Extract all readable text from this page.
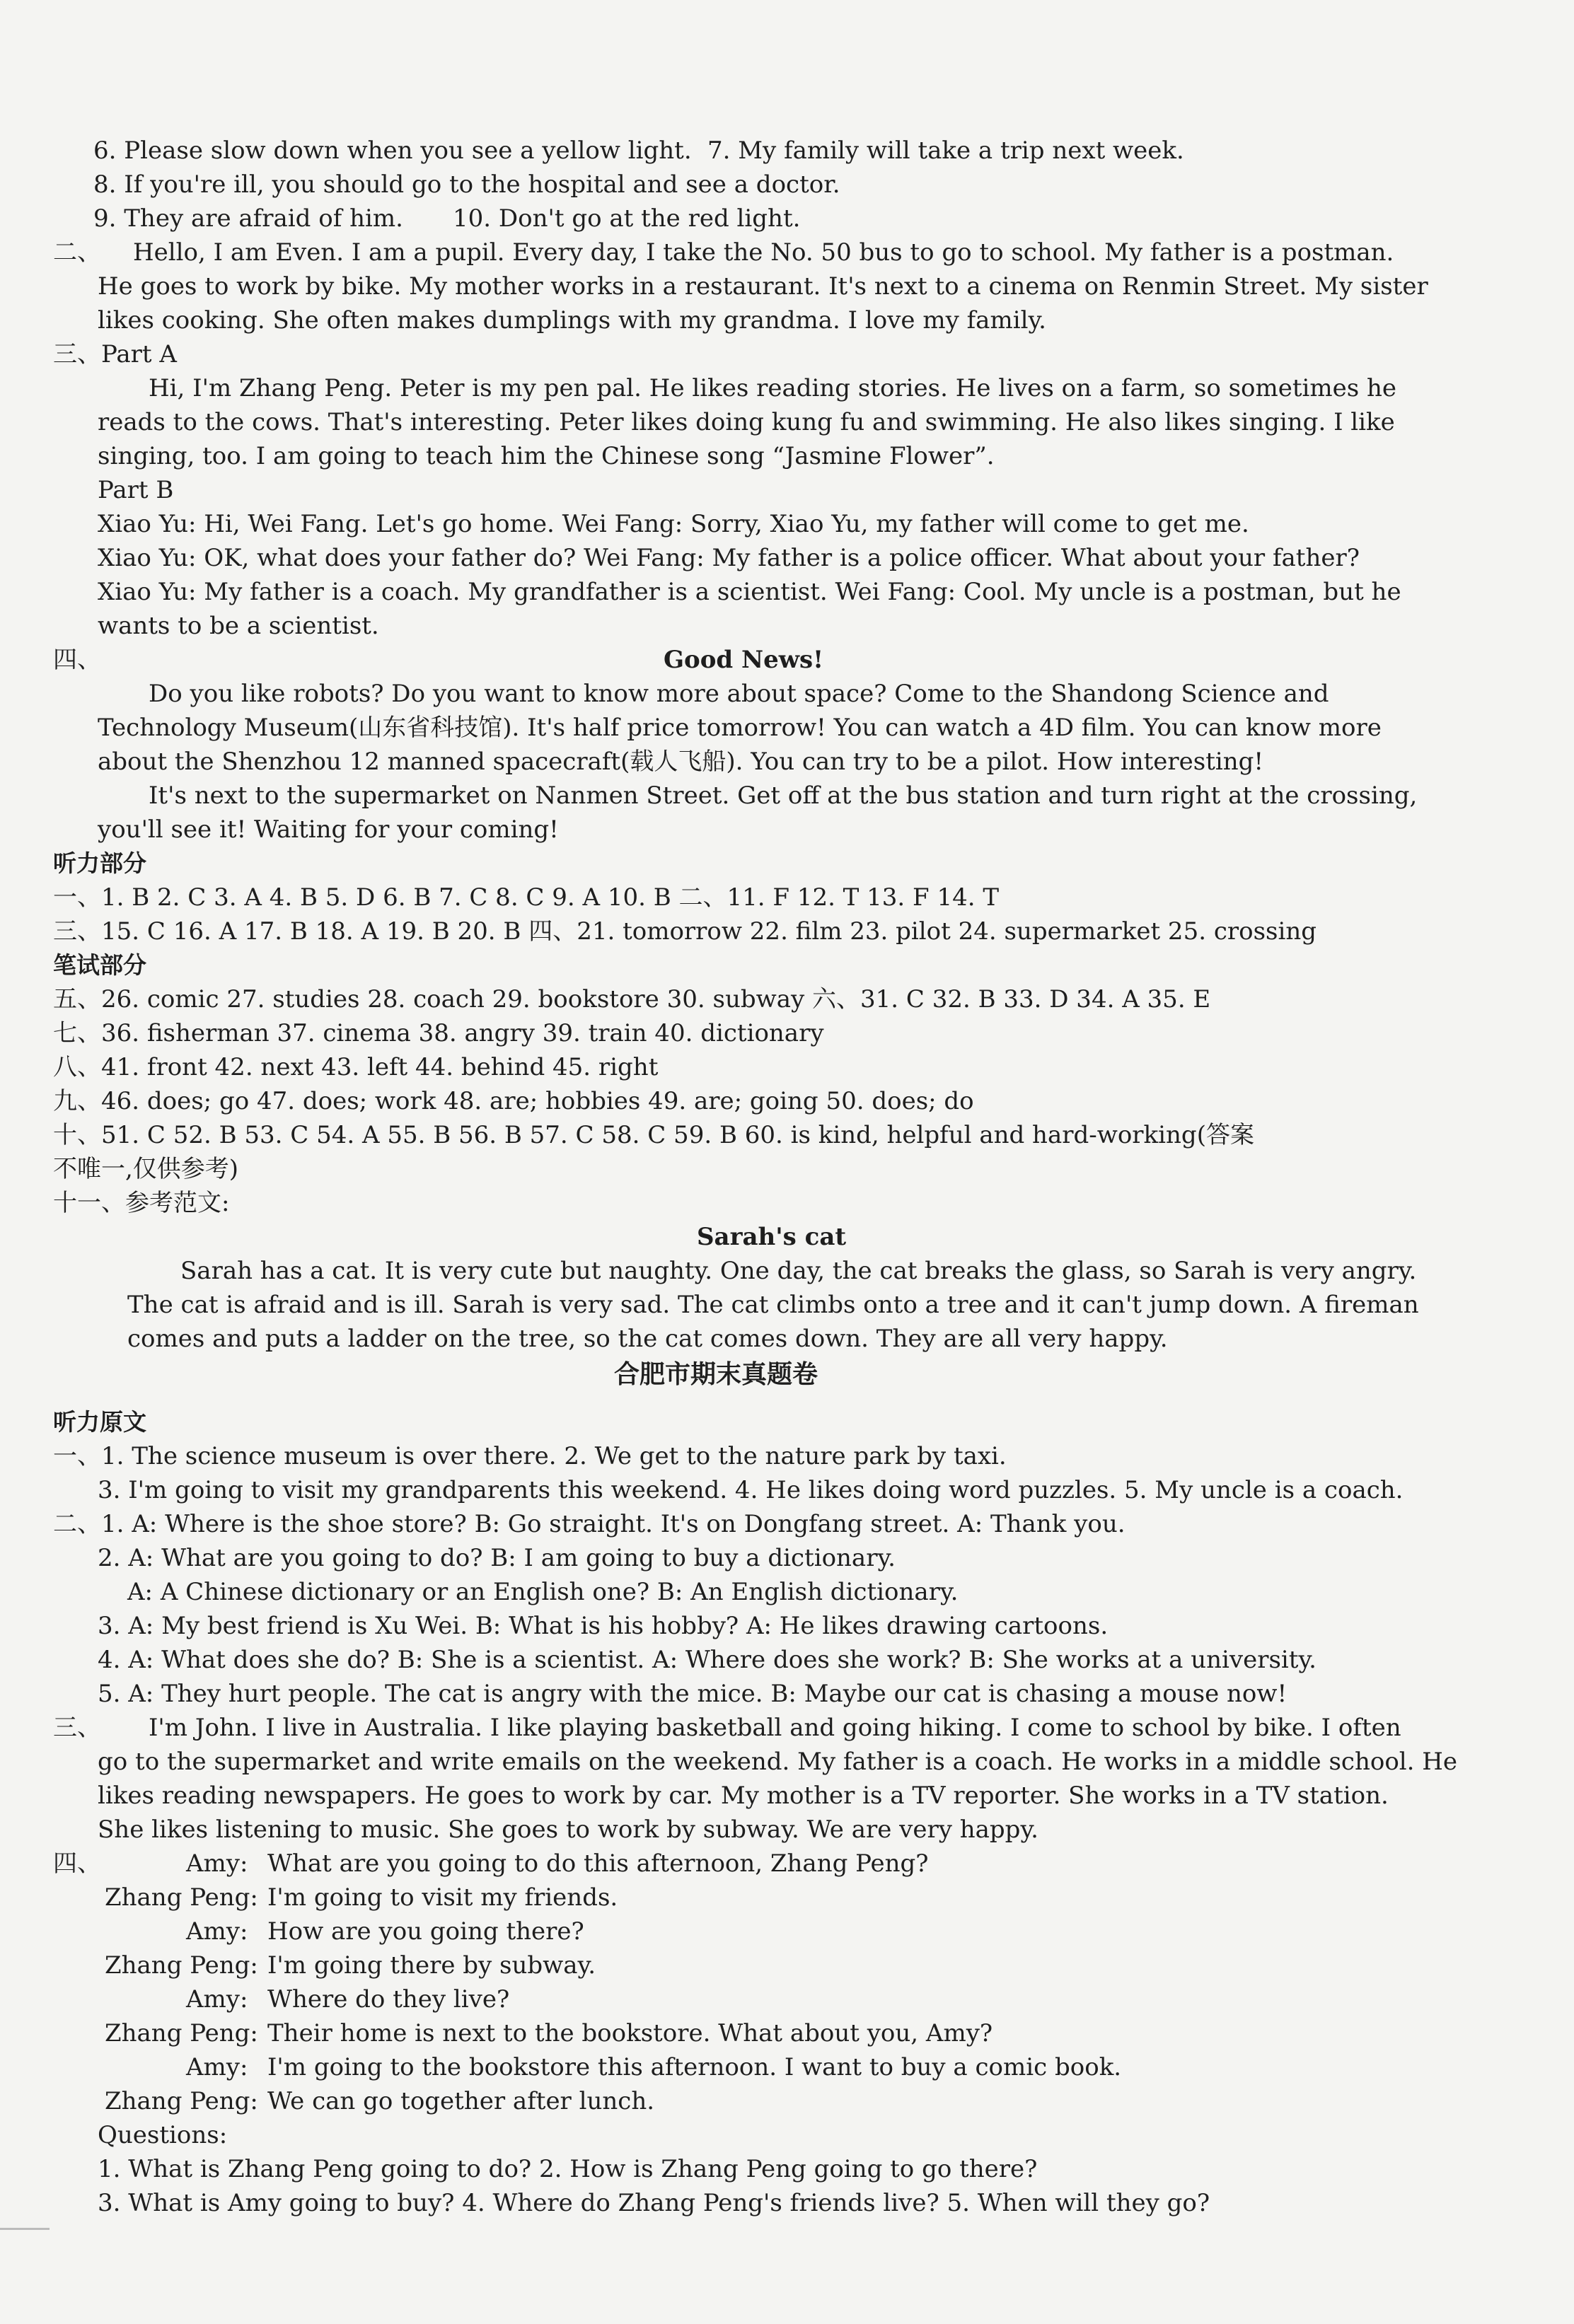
6. Please slow down when you see a yellow light. 7. My family will take a trip next week.
8. If you're ill, you should go to the hospital and see a doctor.
9. They are afraid of him. 10. Don't go at the red light.
二、 Hello, I am Even. I am a pupil. Every day, I take the No. 50 bus to go to school. My father is a postman.
He goes to work by bike. My mother works in a restaurant. It's next to a cinema on Renmin Street. My sister
likes cooking. She often makes dumplings with my grandma. I love my family.
三、Part A
Hi, I'm Zhang Peng. Peter is my pen pal. He likes reading stories. He lives on a farm, so sometimes he
reads to the cows. That's interesting. Peter likes doing kung fu and swimming. He also likes singing. I like
singing, too. I am going to teach him the Chinese song “Jasmine Flower”.
Part B
Xiao Yu: Hi, Wei Fang. Let's go home. Wei Fang: Sorry, Xiao Yu, my father will come to get me.
Xiao Yu: OK, what does your father do? Wei Fang: My father is a police officer. What about your father?
Xiao Yu: My father is a coach. My grandfather is a scientist. Wei Fang: Cool. My uncle is a postman, but he
wants to be a scientist.
四、	Good News!
Do you like robots? Do you want to know more about space? Come to the Shandong Science and
Technology Museum(山东省科技馆). It's half price tomorrow! You can watch a 4D film. You can know more
about the Shenzhou 12 manned spacecraft(载人飞船). You can try to be a pilot. How interesting!
It's next to the supermarket on Nanmen Street. Get off at the bus station and turn right at the crossing,
you'll see it! Waiting for your coming!
听力部分
一、1. B 2. C 3. A 4. B 5. D 6. B 7. C 8. C 9. A 10. B 二、11. F 12. T 13. F 14. T
三、15. C 16. A 17. B 18. A 19. B 20. B 四、21. tomorrow 22. film 23. pilot 24. supermarket 25. crossing
笔试部分
五、26. comic 27. studies 28. coach 29. bookstore 30. subway 六、31. C 32. B 33. D 34. A 35. E
七、36. fisherman 37. cinema 38. angry 39. train 40. dictionary
八、41. front 42. next 43. left 44. behind 45. right
九、46. does; go 47. does; work 48. are; hobbies 49. are; going 50. does; do
十、51. C 52. B 53. C 54. A 55. B 56. B 57. C 58. C 59. B 60. is kind, helpful and hard-working(答案
不唯一,仅供参考)
十一、参考范文:
Sarah's cat
Sarah has a cat. It is very cute but naughty. One day, the cat breaks the glass, so Sarah is very angry.
The cat is afraid and is ill. Sarah is very sad. The cat climbs onto a tree and it can't jump down. A fireman
comes and puts a ladder on the tree, so the cat comes down. They are all very happy.
合肥市期末真题卷
听力原文
一、1. The science museum is over there. 2. We get to the nature park by taxi.
3. I'm going to visit my grandparents this weekend. 4. He likes doing word puzzles. 5. My uncle is a coach.
二、1. A: Where is the shoe store? B: Go straight. It's on Dongfang street. A: Thank you.
2. A: What are you going to do? B: I am going to buy a dictionary.
A: A Chinese dictionary or an English one? B: An English dictionary.
3. A: My best friend is Xu Wei. B: What is his hobby? A: He likes drawing cartoons.
4. A: What does she do? B: She is a scientist. A: Where does she work? B: She works at a university.
5. A: They hurt people. The cat is angry with the mice. B: Maybe our cat is chasing a mouse now!
三、 I'm John. I live in Australia. I like playing basketball and going hiking. I come to school by bike. I often
go to the supermarket and write emails on the weekend. My father is a coach. He works in a middle school. He
likes reading newspapers. He goes to work by car. My mother is a TV reporter. She works in a TV station.
She likes listening to music. She goes to work by subway. We are very happy.
四、	Amy: What are you going to do this afternoon, Zhang Peng?
Zhang Peng: I'm going to visit my friends.
Amy: How are you going there?
Zhang Peng: I'm going there by subway.
Amy: Where do they live?
Zhang Peng: Their home is next to the bookstore. What about you, Amy?
Amy: I'm going to the bookstore this afternoon. I want to buy a comic book.
Zhang Peng: We can go together after lunch.
Questions:
1. What is Zhang Peng going to do? 2. How is Zhang Peng going to go there?
3. What is Amy going to buy? 4. Where do Zhang Peng's friends live? 5. When will they go?
